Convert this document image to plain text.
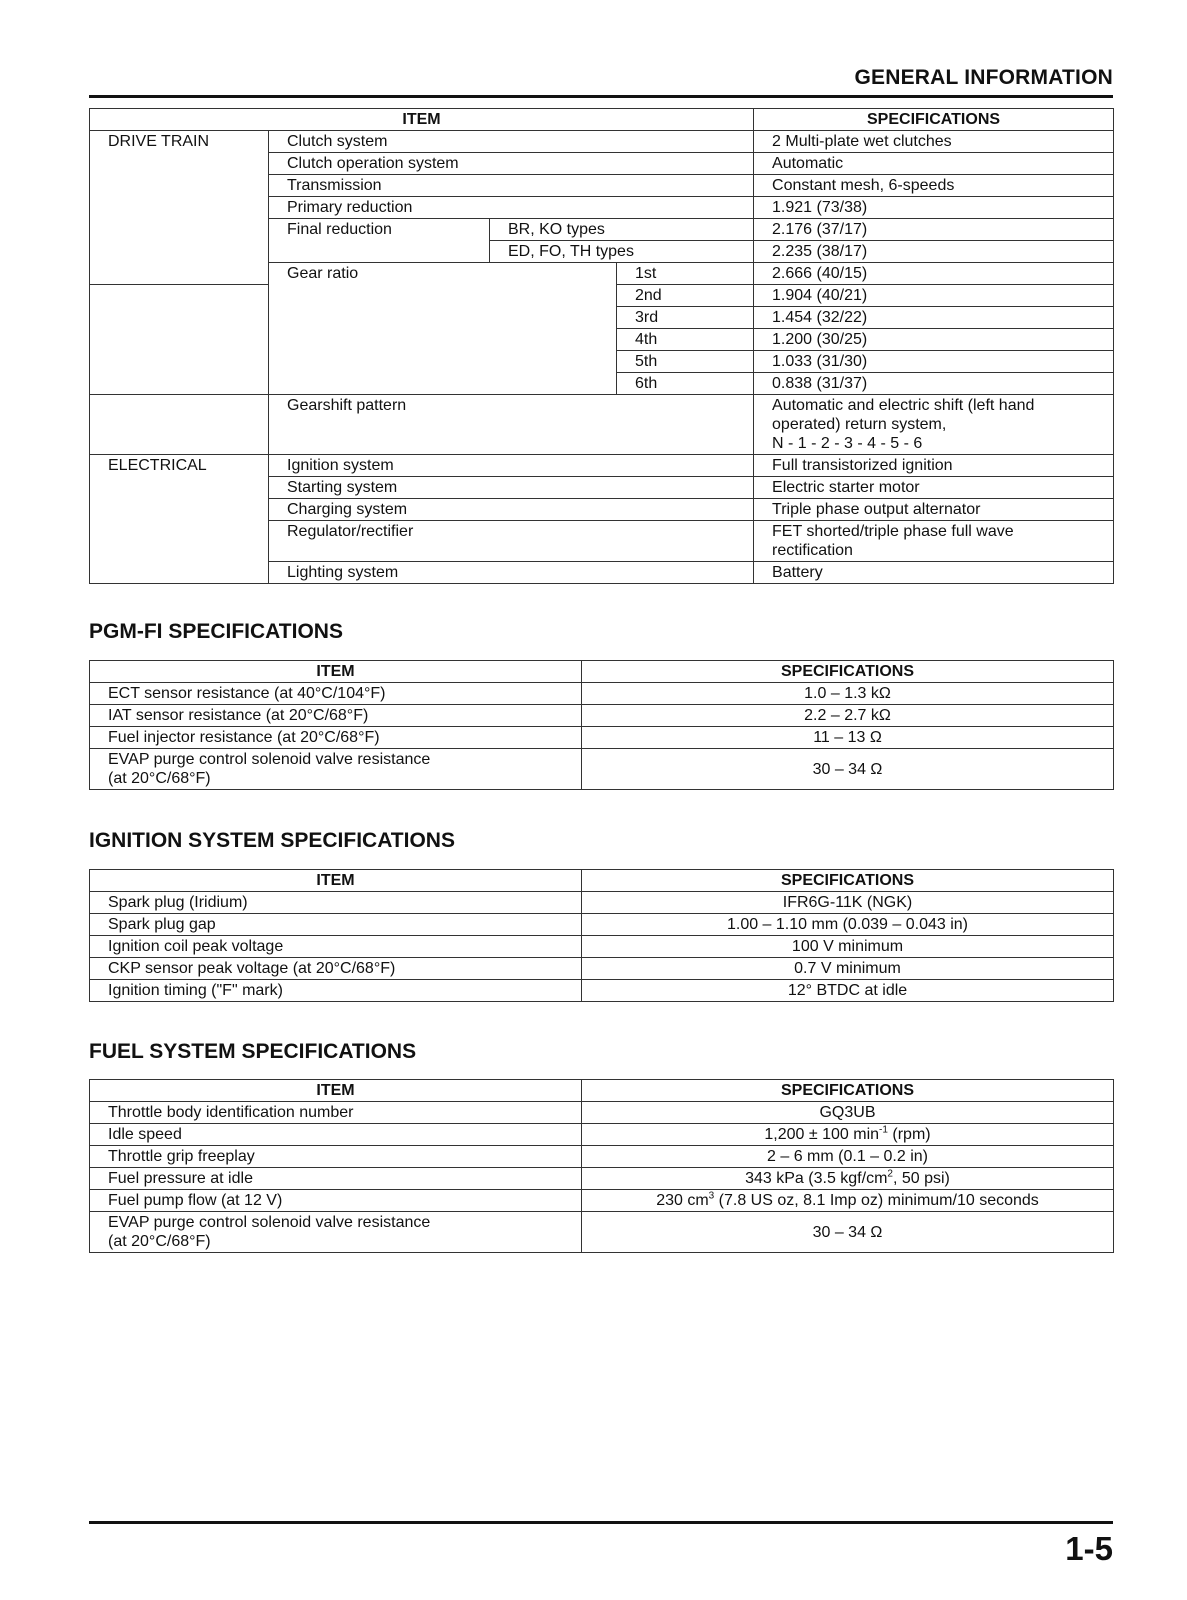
GENERAL INFORMATION
ITEM				SPECIFICATIONS
DRIVE TRAIN	Clutch system			2 Multi-plate wet clutches
	Clutch operation system			Automatic
	Transmission			Constant mesh, 6-speeds
	Primary reduction			1.921 (73/38)
	Final reduction	BR, KO types		2.176 (37/17)
		ED, FO, TH types		2.235 (38/17)
	Gear ratio		1st	2.666 (40/15)
			2nd	1.904 (40/21)
			3rd	1.454 (32/22)
			4th	1.200 (30/25)
			5th	1.033 (31/30)
			6th	0.838 (31/37)
	Gearshift pattern			Automatic and electric shift (left hand
operated) return system,
N - 1 - 2 - 3 - 4 - 5 - 6

ELECTRICAL	Ignition system			Full transistorized ignition
	Starting system			Electric starter motor
	Charging system			Triple phase output alternator
	Regulator/rectifier			FET shorted/triple phase full wave
rectification

	Lighting system			Battery
PGM-FI SPECIFICATIONS
ITEM	SPECIFICATIONS
ECT sensor resistance (at 40°C/104°F)	1.0 – 1.3 kΩ
IAT sensor resistance (at 20°C/68°F)	2.2 – 2.7 kΩ
Fuel injector resistance (at 20°C/68°F)	11 – 13 Ω

EVAP purge control solenoid valve resistance
(at 20°C/68°F)	30 – 34 Ω
IGNITION SYSTEM SPECIFICATIONS
ITEM	SPECIFICATIONS
Spark plug (Iridium)	IFR6G-11K (NGK)
Spark plug gap	1.00 – 1.10 mm (0.039 – 0.043 in)
Ignition coil peak voltage	100 V minimum
CKP sensor peak voltage (at 20°C/68°F)	0.7 V minimum
Ignition timing ("F" mark)	12° BTDC at idle
FUEL SYSTEM SPECIFICATIONS
ITEM	SPECIFICATIONS
Throttle body identification number	GQ3UB
Idle speed	1,200 ± 100 $\min^{-1} (rpm)$
Throttle grip freeplay	2 – 6 mm (0.1 – 0.2 in)
Fuel pressure at idle	343 kPa (3.5 kgf/$cm^2$, 50 psi)
Fuel pump flow (at 12 V)	230 $cm^3$ (7.8 US oz, 8.1 Imp oz) minimum/10 seconds

EVAP purge control solenoid valve resistance
(at 20°C/68°F)	30 – 34 Ω
1-5
